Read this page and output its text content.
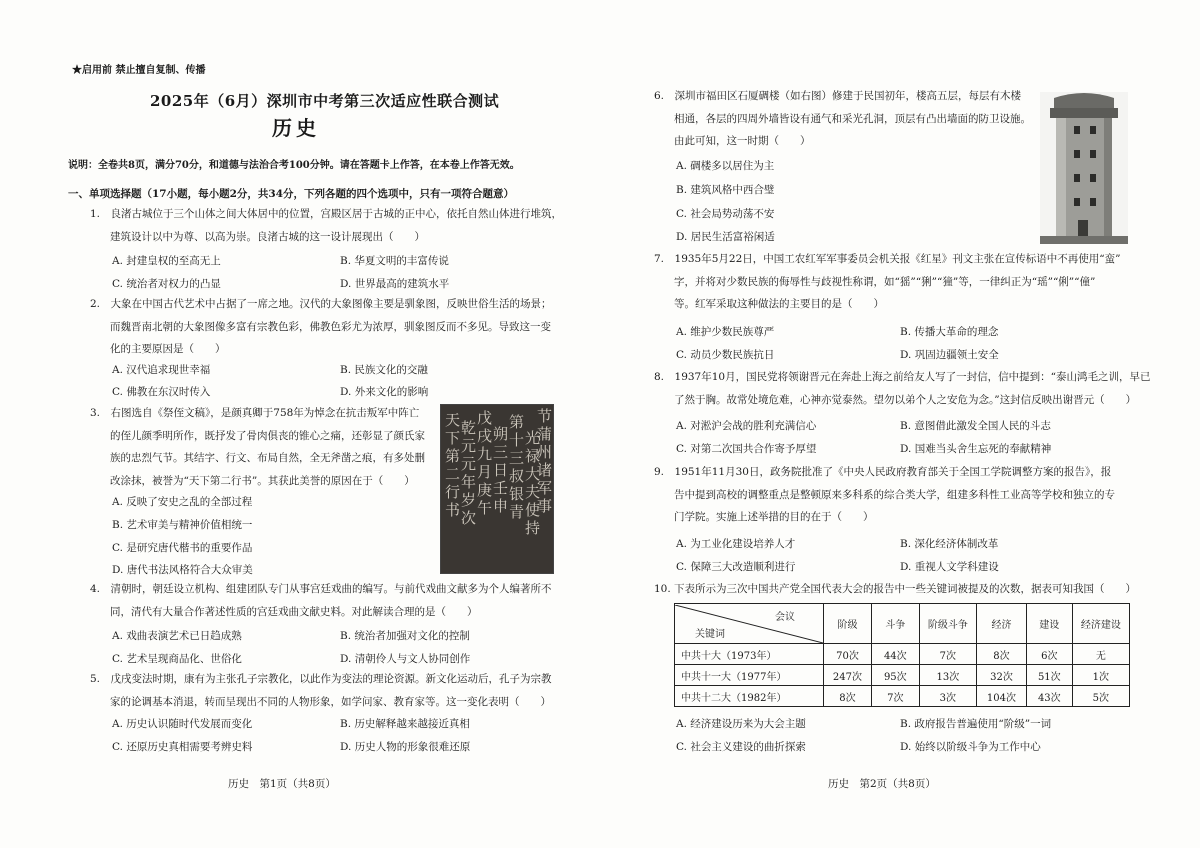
★启用前 禁止擅自复制、传播
2025年（6月）深圳市中考第三次适应性联合测试
历史
说明：全卷共8页，满分70分，和道德与法治合考100分钟。请在答题卡上作答，在本卷上作答无效。
一、单项选择题（17小题，每小题2分，共34分，下列各题的四个选项中，只有一项符合题意）
1.　良渚古城位于三个山体之间大体居中的位置，宫殿区居于古城的正中心，依托自然山体进行堆筑，
建筑设计以中为尊、以高为崇。良渚古城的这一设计展现出（　　）
A. 封建皇权的至高无上	B. 华夏文明的丰富传说
C. 统治者对权力的凸显	D. 世界最高的建筑水平
2.　大象在中国古代艺术中占据了一席之地。汉代的大象图像主要是驯象图，反映世俗生活的场景；
而魏晋南北朝的大象图像多富有宗教色彩，佛教色彩尤为浓厚，驯象图反而不多见。导致这一变
化的主要原因是（　　）
A. 汉代追求现世幸福	B. 民族文化的交融
C. 佛教在东汉时传入	D. 外来文化的影响
3.　右图选自《祭侄文稿》，是颜真卿于758年为悼念在抗击叛军中阵亡
的侄儿颜季明所作，既抒发了骨肉俱丧的锥心之痛，还彰显了颜氏家
族的忠烈气节。其结字、行文、布局自然，全无斧凿之痕，有多处删
改涂抹，被誉为“天下第二行书”。其获此美誉的原因在于（　　）
A. 反映了安史之乱的全部过程
B. 艺术审美与精神价值相统一
C. 是研究唐代楷书的重要作品
D. 唐代书法风格符合大众审美
天下第二行书
乾元元年岁次
戊戌九月庚午
朔三日壬申
第十三叔银青
光禄大夫使持
节蒲州诸军事
4.　清朝时，朝廷设立机构、组建团队专门从事宫廷戏曲的编写。与前代戏曲文献多为个人编著所不
同，清代有大量合作著述性质的宫廷戏曲文献史料。对此解读合理的是（　　）
A. 戏曲表演艺术已日趋成熟	B. 统治者加强对文化的控制
C. 艺术呈现商品化、世俗化	D. 清朝伶人与文人协同创作
5.　戊戌变法时期，康有为主张孔子宗教化，以此作为变法的理论资源。新文化运动后，孔子为宗教
家的论调基本消退，转而呈现出不同的人物形象，如学问家、教育家等。这一变化表明（　　）
A. 历史认识随时代发展而变化	B. 历史解释越来越接近真相
C. 还原历史真相需要考辨史料	D. 历史人物的形象很难还原
历史　第1页（共8页）
6.　深圳市福田区石厦碉楼（如右图）修建于民国初年，楼高五层，每层有木楼
相通，各层的四周外墙皆设有通气和采光孔洞，顶层有凸出墙面的防卫设施。
由此可知，这一时期（　　）
A. 碉楼多以居住为主
B. 建筑风格中西合璧
C. 社会局势动荡不安
D. 居民生活富裕闲适
7.　1935年5月22日，中国工农红军军事委员会机关报《红星》刊文主张在宣传标语中不再使用“蛮”
字，并将对少数民族的侮辱性与歧视性称谓，如“猺”“猁”“獞”等，一律纠正为“瑶”“俐”“僮”
等。红军采取这种做法的主要目的是（　　）
A. 维护少数民族尊严	B. 传播大革命的理念
C. 动员少数民族抗日	D. 巩固边疆领土安全
8.　1937年10月，国民党将领谢晋元在奔赴上海之前给友人写了一封信，信中提到：“泰山鸿毛之训，早已
了然于胸。故常处境危难，心神亦觉泰然。望勿以弟个人之安危为念。”这封信反映出谢晋元（　　）
A. 对淞沪会战的胜利充满信心	B. 意图借此激发全国人民的斗志
C. 对第二次国共合作寄予厚望	D. 国难当头舍生忘死的奉献精神
9.　1951年11月30日，政务院批准了《中央人民政府教育部关于全国工学院调整方案的报告》，报
告中提到高校的调整重点是整顿原来多科系的综合类大学，组建多科性工业高等学校和独立的专
门学院。实施上述举措的目的在于（　　）
A. 为工业化建设培养人才	B. 深化经济体制改革
C. 保障三大改造顺利进行	D. 重视人文学科建设
10. 下表所示为三次中国共产党全国代表大会的报告中一些关键词被提及的次数，据表可知我国（　　）
会议
关键词	阶级	斗争	阶级斗争	经济	建设	经济建设
中共十大（1973年）	70次	44次	7次	8次	6次	无
中共十一大（1977年）	247次	95次	13次	32次	51次	1次
中共十二大（1982年）	8次	7次	3次	104次	43次	5次
A. 经济建设历来为大会主题	B. 政府报告普遍使用“阶级”一词
C. 社会主义建设的曲折探索	D. 始终以阶级斗争为工作中心
历史　第2页（共8页）
